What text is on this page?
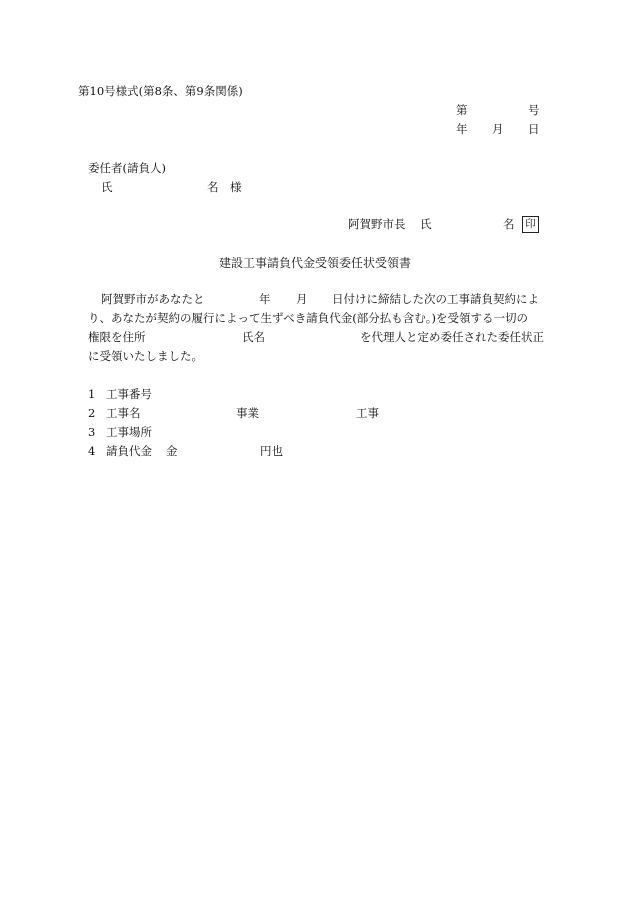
第10号様式(第8条、第9条関係)
第	号
年 月 日
委任者(請負人)
氏	名 様
阿賀野市長 氏	名	印
建設工事請負代金受領委任状受領書
阿賀野市があなたと	年 月 日付けに締結した次の工事請負契約によ
り、あなたが契約の履行によって生ずべき請負代金(部分払も含む。)を受領する一切の
権限を住所	氏名	を代理人と定め委任された委任状正
に受領いたしました。
1 工事番号
2 工事名	事業	工事
3 工事場所
4 請負代金 金	円也
